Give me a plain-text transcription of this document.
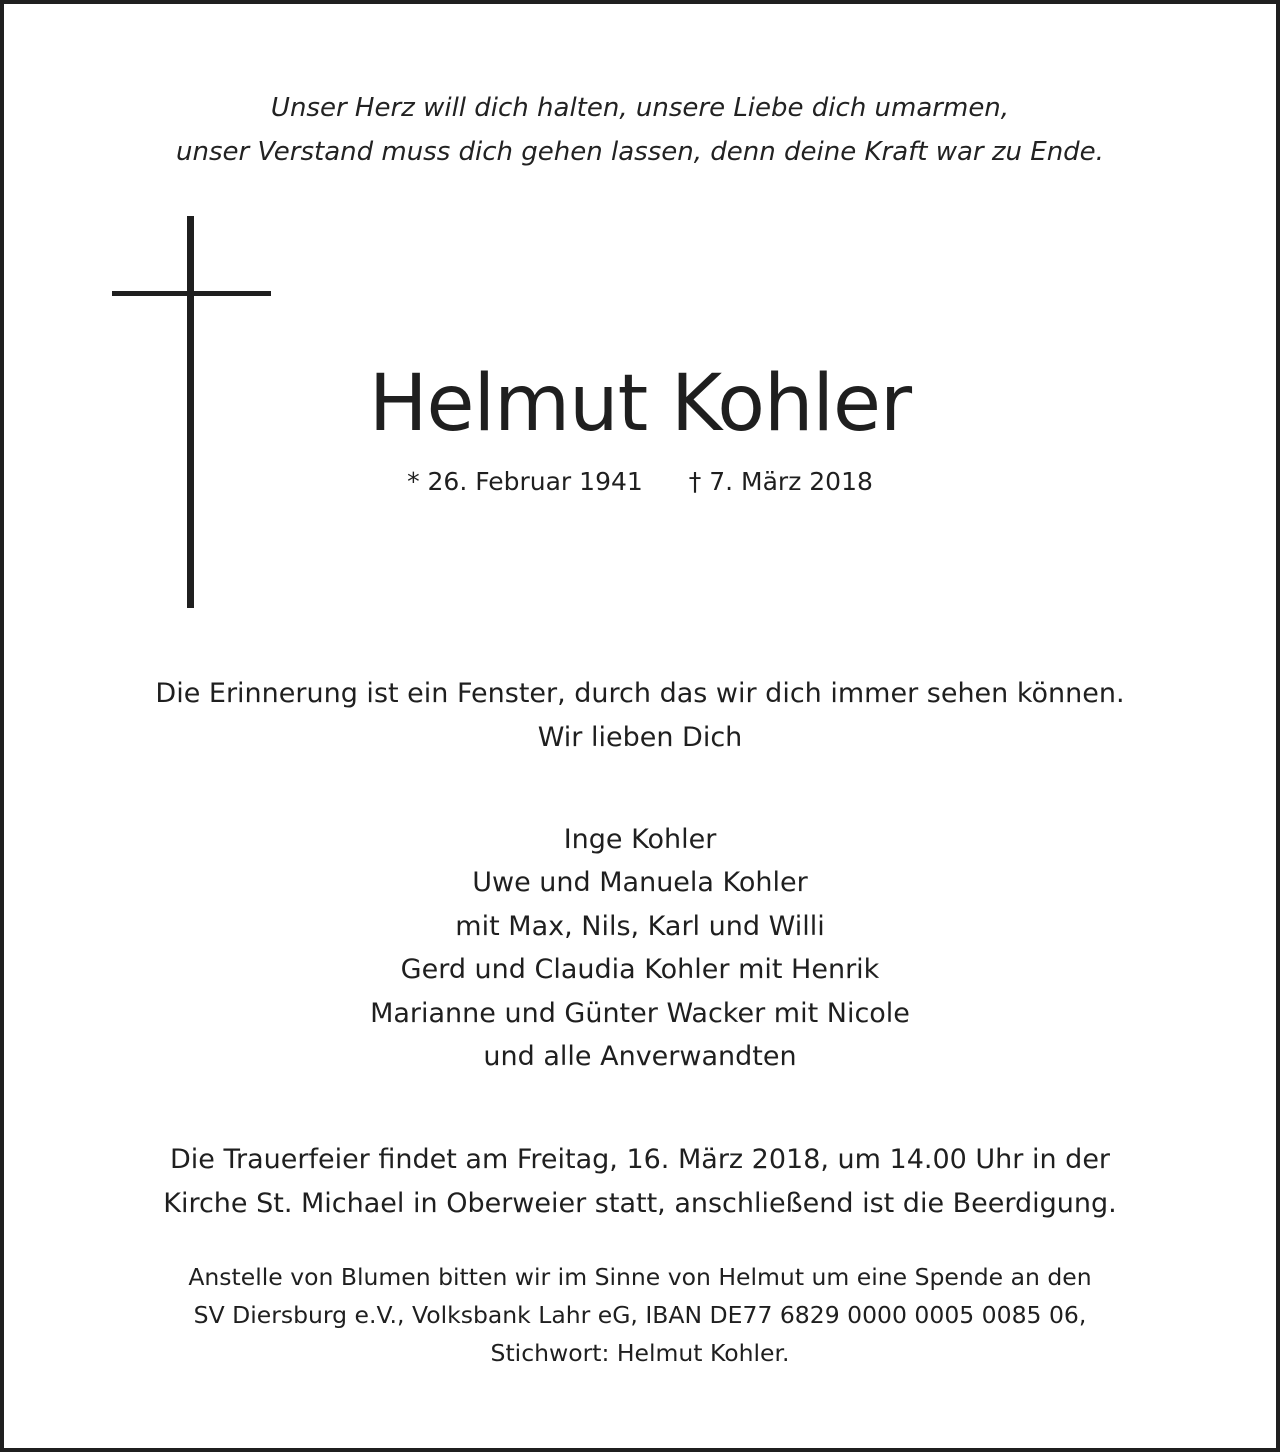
Unser Herz will dich halten, unsere Liebe dich umarmen,
unser Verstand muss dich gehen lassen, denn deine Kraft war zu Ende.
Helmut Kohler
* 26. Februar 1941 † 7. März 2018
Die Erinnerung ist ein Fenster, durch das wir dich immer sehen können.
Wir lieben Dich
Inge Kohler
Uwe und Manuela Kohler
mit Max, Nils, Karl und Willi
Gerd und Claudia Kohler mit Henrik
Marianne und Günter Wacker mit Nicole
und alle Anverwandten
Die Trauerfeier findet am Freitag, 16. März 2018, um 14.00 Uhr in der
Kirche St. Michael in Oberweier statt, anschließend ist die Beerdigung.
Anstelle von Blumen bitten wir im Sinne von Helmut um eine Spende an den
SV Diersburg e.V., Volksbank Lahr eG, IBAN DE77 6829 0000 0005 0085 06,
Stichwort: Helmut Kohler.
